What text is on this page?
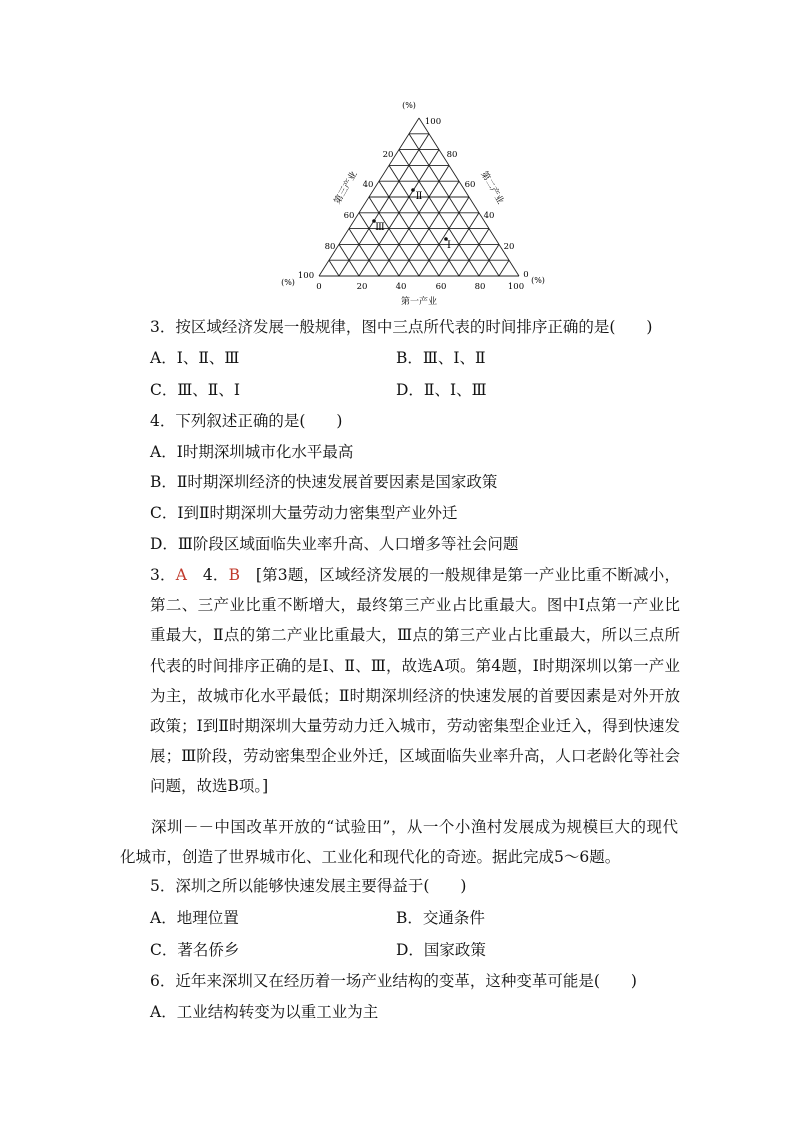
(%)
100
20
40
60
80
100
(%)
80
60
40
20
0
(%)
0	20	40	60	80	100
第三产业	第二产业
第一产业
Ⅱ
Ⅲ
Ⅰ
3．按区域经济发展一般规律，图中三点所代表的时间排序正确的是(　　)
A．Ⅰ、Ⅱ、Ⅲ	B．Ⅲ、Ⅰ、Ⅱ
C．Ⅲ、Ⅱ、Ⅰ	D．Ⅱ、Ⅰ、Ⅲ
4．下列叙述正确的是(　　)
A．Ⅰ时期深圳城市化水平最高
B．Ⅱ时期深圳经济的快速发展首要因素是国家政策
C．Ⅰ到Ⅱ时期深圳大量劳动力密集型产业外迁
D．Ⅲ阶段区域面临失业率升高、人口增多等社会问题
3．A　 4．B　 [第3题，区域经济发展的一般规律是第一产业比重不断减小，第二、三产业比重不断增大，最终第三产业占比重最大。图中Ⅰ点第一产业比重最大，Ⅱ点的第二产业比重最大，Ⅲ点的第三产业占比重最大，所以三点所代表的时间排序正确的是Ⅰ、Ⅱ、Ⅲ，故选A项。第4题，Ⅰ时期深圳以第一产业为主，故城市化水平最低；Ⅱ时期深圳经济的快速发展的首要因素是对外开放政策；Ⅰ到Ⅱ时期深圳大量劳动力迁入城市，劳动密集型企业迁入，得到快速发展；Ⅲ阶段，劳动密集型企业外迁，区域面临失业率升高，人口老龄化等社会问题，故选B项。]
深圳－－中国改革开放的“试验田”，从一个小渔村发展成为规模巨大的现代化城市，创造了世界城市化、工业化和现代化的奇迹。据此完成5～6题。
5．深圳之所以能够快速发展主要得益于(　　)
A．地理位置	B．交通条件
C．著名侨乡	D．国家政策
6．近年来深圳又在经历着一场产业结构的变革，这种变革可能是(　　)
A．工业结构转变为以重工业为主
